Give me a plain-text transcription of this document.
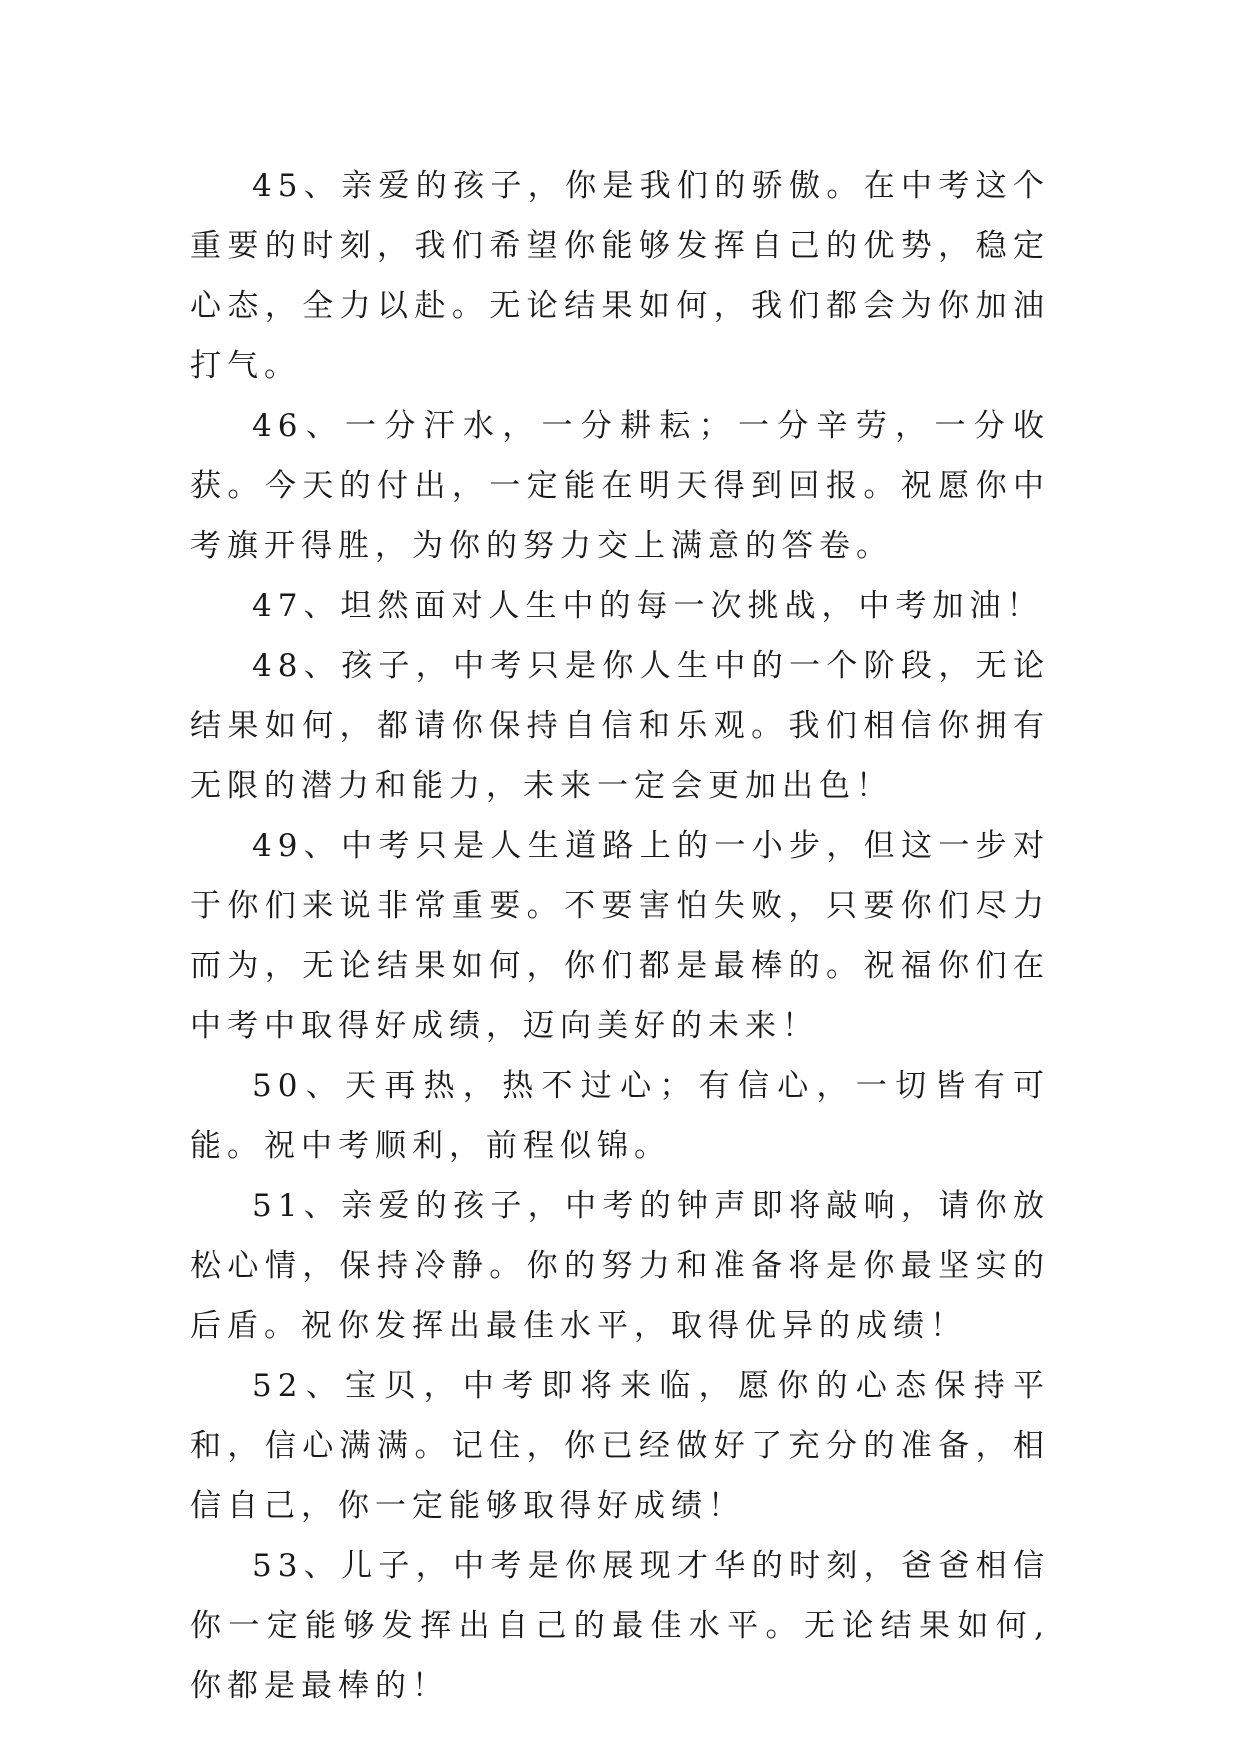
45、亲爱的孩子，你是我们的骄傲。在中考这个重要的时刻，我们希望你能够发挥自己的优势，稳定心态，全力以赴。无论结果如何，我们都会为你加油打气。

46、一分汗水，一分耕耘；一分辛劳，一分收获。今天的付出，一定能在明天得到回报。祝愿你中考旗开得胜，为你的努力交上满意的答卷。

47、坦然面对人生中的每一次挑战，中考加油！

48、孩子，中考只是你人生中的一个阶段，无论结果如何，都请你保持自信和乐观。我们相信你拥有无限的潜力和能力，未来一定会更加出色！

49、中考只是人生道路上的一小步，但这一步对于你们来说非常重要。不要害怕失败，只要你们尽力而为，无论结果如何，你们都是最棒的。祝福你们在中考中取得好成绩，迈向美好的未来！

50、天再热，热不过心；有信心，一切皆有可能。祝中考顺利，前程似锦。

51、亲爱的孩子，中考的钟声即将敲响，请你放松心情，保持冷静。你的努力和准备将是你最坚实的后盾。祝你发挥出最佳水平，取得优异的成绩！

52、宝贝，中考即将来临，愿你的心态保持平和，信心满满。记住，你已经做好了充分的准备，相信自己，你一定能够取得好成绩！

53、儿子，中考是你展现才华的时刻，爸爸相信你一定能够发挥出自己的最佳水平。无论结果如何,你都是最棒的！
